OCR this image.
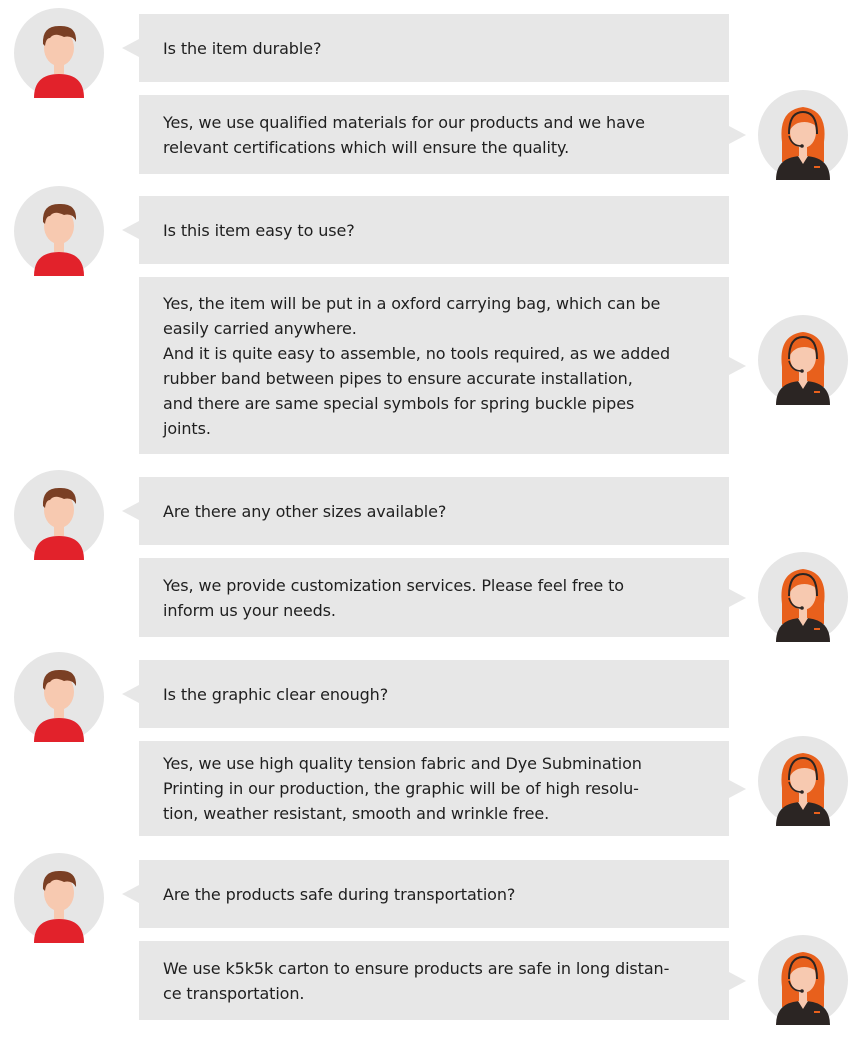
Is the item durable?
Yes, we use qualified materials for our products and we have
relevant certifications which will ensure the quality.
Is this item easy to use?
Yes, the item will be put in a oxford carrying bag, which can be
easily carried anywhere.
And it is quite easy to assemble, no tools required, as we added
rubber band between pipes to ensure accurate installation,
and there are same special symbols for spring buckle pipes
joints.
Are there any other sizes available?
Yes, we provide customization services. Please feel free to
inform us your needs.
Is the graphic clear enough?
Yes, we use high quality tension fabric and Dye Submination
Printing in our production, the graphic will be of high resolu-
tion, weather resistant, smooth and wrinkle free.
Are the products safe during transportation?
We use k5k5k carton to ensure products are safe in long distan-
ce transportation.
